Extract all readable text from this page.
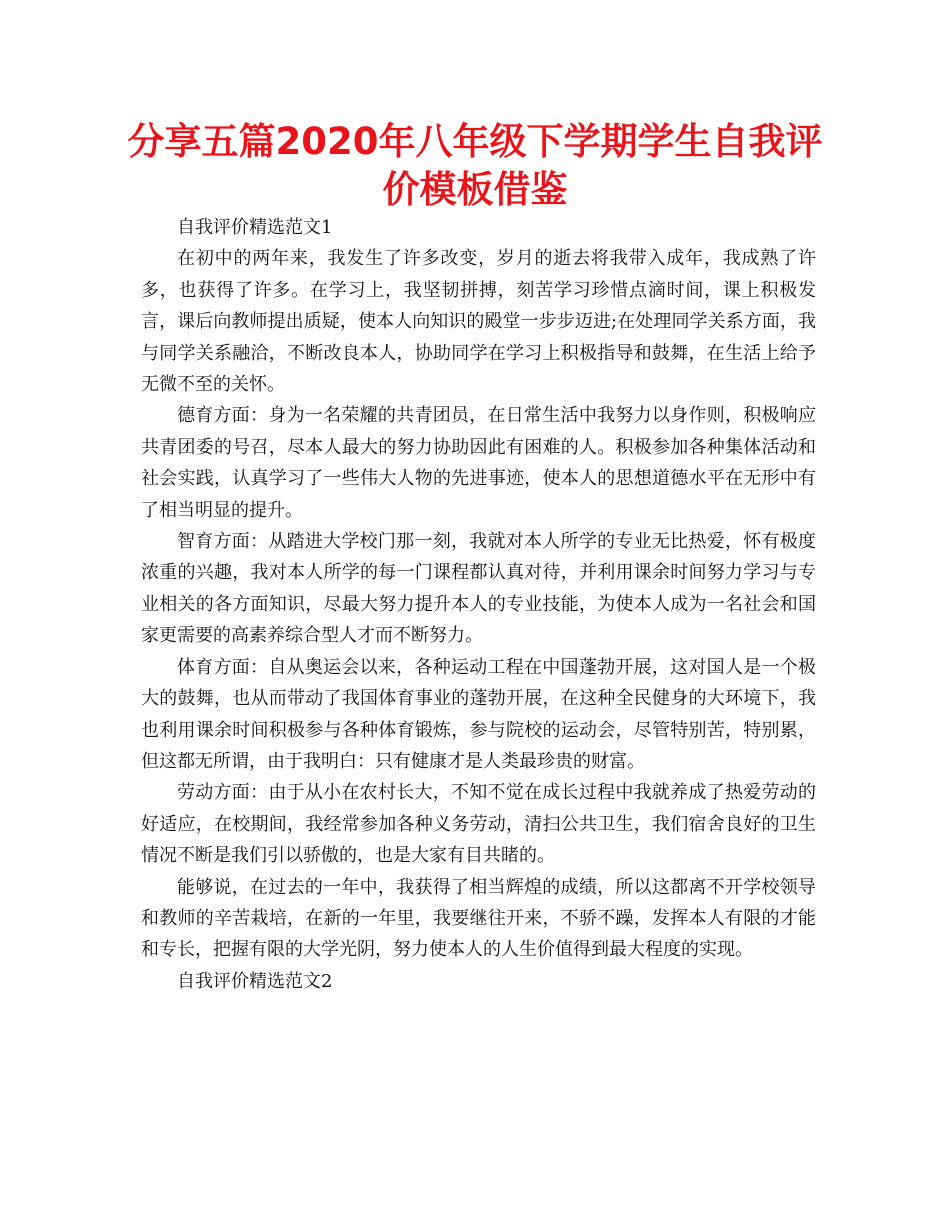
分享五篇2020年八年级下学期学生自我评价模板借鉴

自我评价精选范文1

在初中的两年来，我发生了许多改变，岁月的逝去将我带入成年，我成熟了许多，也获得了许多。在学习上，我坚韧拼搏，刻苦学习珍惜点滴时间，课上积极发言，课后向教师提出质疑，使本人向知识的殿堂一步步迈进;在处理同学关系方面，我与同学关系融洽，不断改良本人，协助同学在学习上积极指导和鼓舞，在生活上给予无微不至的关怀。

德育方面：身为一名荣耀的共青团员，在日常生活中我努力以身作则，积极响应共青团委的号召，尽本人最大的努力协助因此有困难的人。积极参加各种集体活动和社会实践，认真学习了一些伟大人物的先进事迹，使本人的思想道德水平在无形中有了相当明显的提升。

智育方面：从踏进大学校门那一刻，我就对本人所学的专业无比热爱，怀有极度浓重的兴趣，我对本人所学的每一门课程都认真对待，并利用课余时间努力学习与专业相关的各方面知识，尽最大努力提升本人的专业技能，为使本人成为一名社会和国家更需要的高素养综合型人才而不断努力。

体育方面：自从奥运会以来，各种运动工程在中国蓬勃开展，这对国人是一个极大的鼓舞，也从而带动了我国体育事业的蓬勃开展，在这种全民健身的大环境下，我也利用课余时间积极参与各种体育锻炼，参与院校的运动会，尽管特别苦，特别累，但这都无所谓，由于我明白：只有健康才是人类最珍贵的财富。

劳动方面：由于从小在农村长大，不知不觉在成长过程中我就养成了热爱劳动的好适应，在校期间，我经常参加各种义务劳动，清扫公共卫生，我们宿舍良好的卫生情况不断是我们引以骄傲的，也是大家有目共睹的。

能够说，在过去的一年中，我获得了相当辉煌的成绩，所以这都离不开学校领导和教师的辛苦栽培，在新的一年里，我要继往开来，不骄不躁，发挥本人有限的才能和专长，把握有限的大学光阴，努力使本人的人生价值得到最大程度的实现。

自我评价精选范文2
